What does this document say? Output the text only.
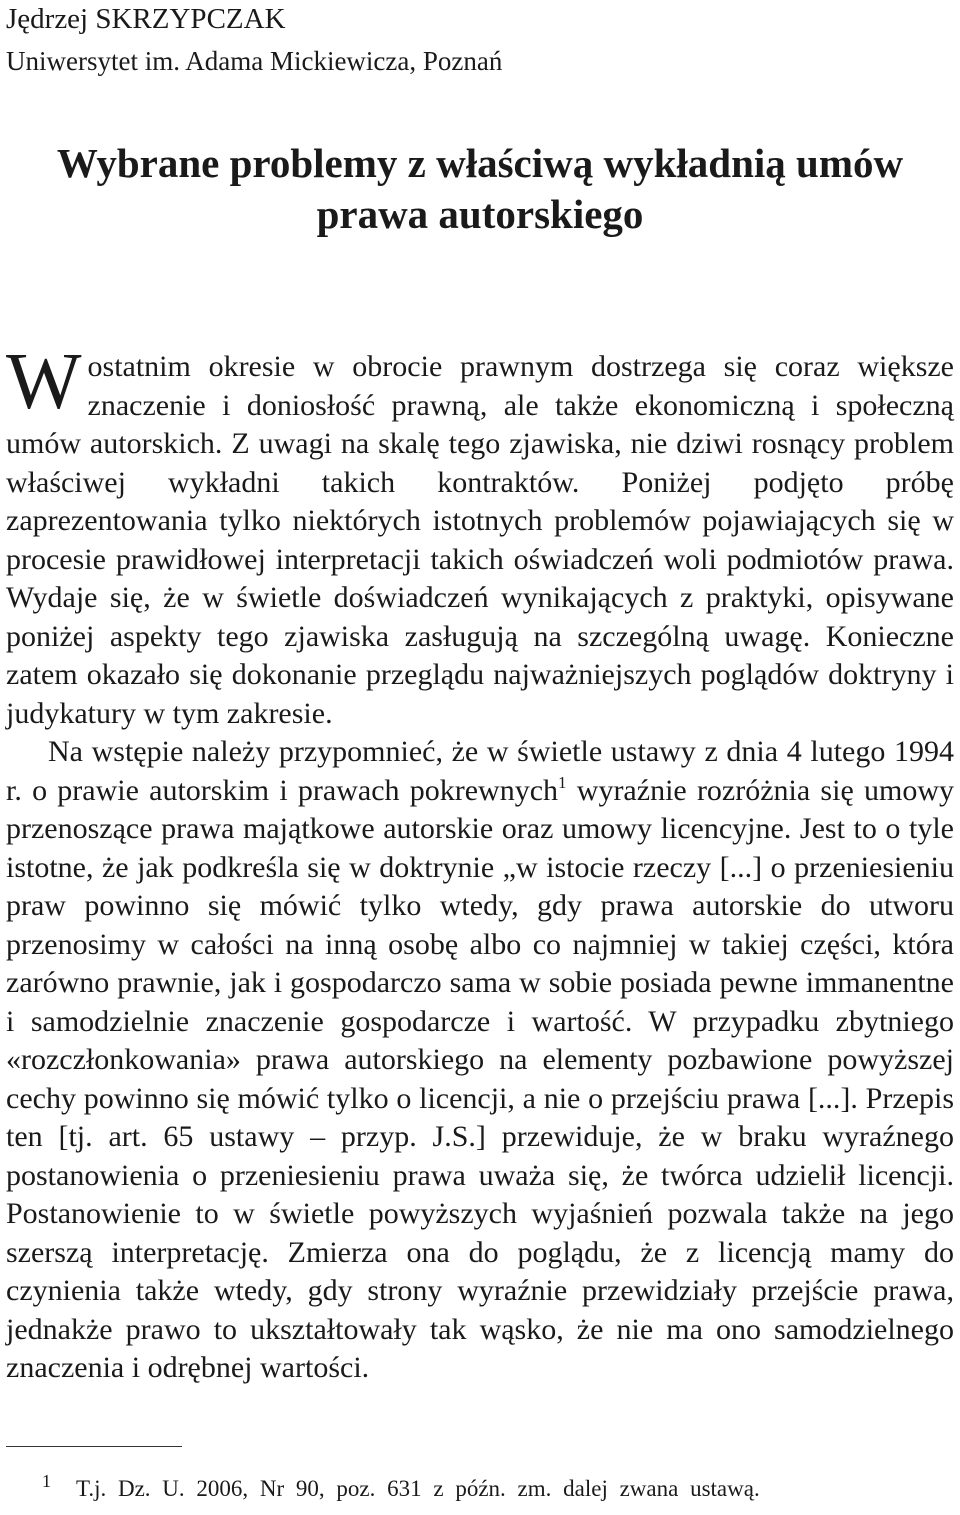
Jędrzej SKRZYPCZAK
Uniwersytet im. Adama Mickiewicza, Poznań
Wybrane problemy z właściwą wykładnią umów prawa autorskiego

Wostatnim okresie w obrocie prawnym dostrzega się coraz większe znaczenie i doniosłość prawną, ale także ekonomiczną i społeczną umów autorskich. Z uwagi na skalę tego zjawiska, nie dziwi rosnący problem właściwej wykładni takich kontraktów. Poniżej podjęto próbę zaprezentowania tylko niektórych istotnych problemów pojawiających się w procesie prawidłowej interpretacji takich oświadczeń woli podmiotów prawa. Wydaje się, że w świetle doświadczeń wynikających z praktyki, opisywane poniżej aspekty tego zjawiska zasługują na szczególną uwagę. Konieczne zatem okazało się dokonanie przeglądu najważniejszych poglądów doktryny i judykatury w tym zakresie.

Na wstępie należy przypomnieć, że w świetle ustawy z dnia 4 lutego 1994 r. o prawie autorskim i prawach pokrewnych$^1$ wyraźnie rozróżnia się umowy przenoszące prawa majątkowe autorskie oraz umowy licencyjne. Jest to o tyle istotne, że jak podkreśla się w doktrynie „w istocie rzeczy [...] o przeniesieniu praw powinno się mówić tylko wtedy, gdy prawa autorskie do utworu przenosimy w całości na inną osobę albo co najmniej w takiej części, która zarówno prawnie, jak i gospodarczo sama w sobie posiada pewne immanentne i samodzielnie znaczenie gospodarcze i wartość. W przypadku zbytniego «rozczłonkowania» prawa autorskiego na elementy pozbawione powyższej cechy powinno się mówić tylko o licencji, a nie o przejściu prawa [...]. Przepis ten [tj. art. 65 ustawy – przyp. J.S.] przewiduje, że w braku wyraźnego postanowienia o przeniesieniu prawa uważa się, że twórca udzielił licencji. Postanowienie to w świetle powyższych wyjaśnień pozwala także na jego szerszą interpretację. Zmierza ona do poglądu, że z licencją mamy do czynienia także wtedy, gdy strony wyraźnie przewidziały przejście prawa, jednakże prawo to ukształtowały tak wąsko, że nie ma ono samodzielnego znaczenia i odrębnej wartości.

1 T.j. Dz. U. 2006, Nr 90, poz. 631 z późn. zm. dalej zwana ustawą.
